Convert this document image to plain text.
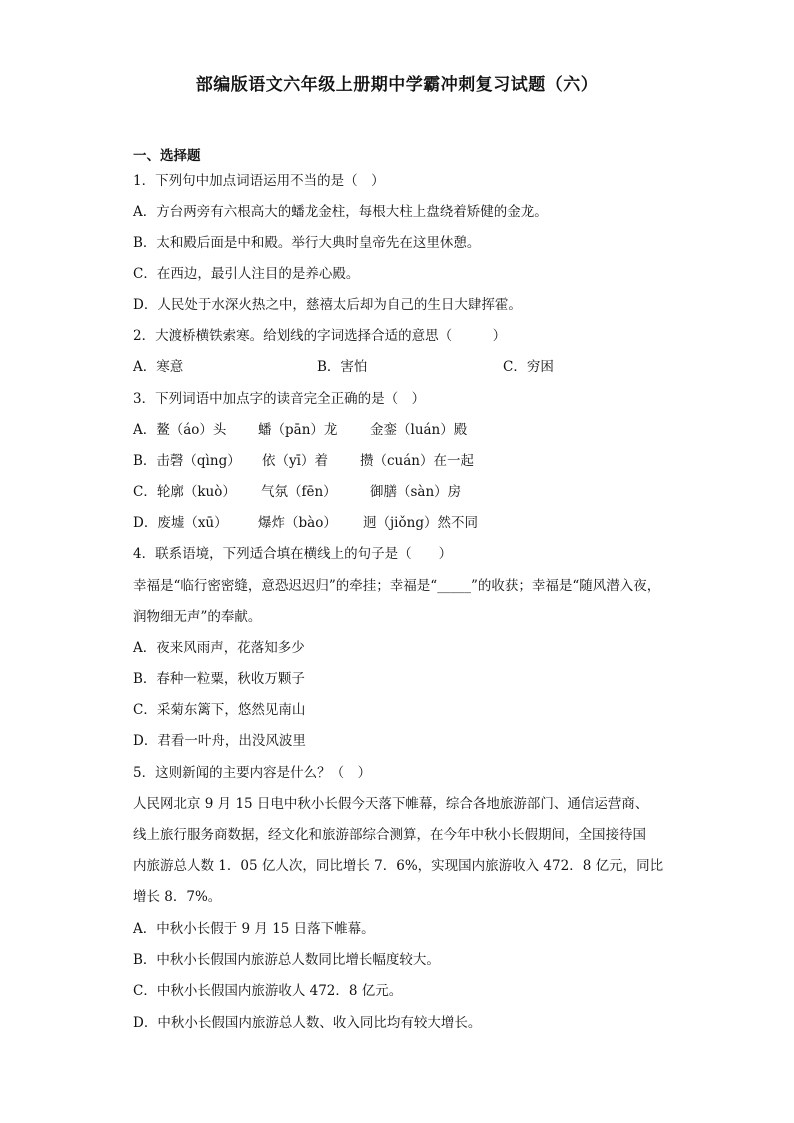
部编版语文六年级上册期中学霸冲刺复习试题（六）
一、选择题
1．下列句中加点词语运用不当的是（　）
A．方台两旁有六根高大的蟠龙金柱，每根大柱上盘绕着矫健的金龙。
B．太和殿后面是中和殿。举行大典时皇帝先在这里休憩。
C．在西边，最引人注目的是养心殿。
D．人民处于水深火热之中，慈禧太后却为自己的生日大肆挥霍。
2．大渡桥横铁索寒。给划线的字词选择合适的意思（　　　）
A．寒意	B．害怕	C．穷困
3．下列词语中加点字的读音完全正确的是（　）
A．鳌（áo）头 蟠（pān）龙 金銮（luán）殿
B．击磬（qìng） 依（yī）着 攒（cuán）在一起
C．轮廓（kuò） 气氛（fēn） 御膳（sàn）房
D．废墟（xū） 爆炸（bào） 迥（jiǒng）然不同
4．联系语境，下列适合填在横线上的句子是（　　）
幸福是“临行密密缝，意恐迟迟归”的牵挂；幸福是“_____”的收获；幸福是“随风潜入夜，
润物细无声”的奉献。
A．夜来风雨声，花落知多少
B．春种一粒粟，秋收万颗子
C．采菊东篱下，悠然见南山
D．君看一叶舟，出没风波里
5．这则新闻的主要内容是什么？（　）
人民网北京 9 月 15 日电中秋小长假今天落下帷幕，综合各地旅游部门、通信运营商、
线上旅行服务商数据，经文化和旅游部综合测算，在今年中秋小长假期间，全国接待国
内旅游总人数 1．05 亿人次，同比增长 7．6%，实现国内旅游收入 472．8 亿元，同比
增长 8．7%。
A．中秋小长假于 9 月 15 日落下帷幕。
B．中秋小长假国内旅游总人数同比增长幅度较大。
C．中秋小长假国内旅游收人 472．8 亿元。
D．中秋小长假国内旅游总人数、收入同比均有较大增长。
